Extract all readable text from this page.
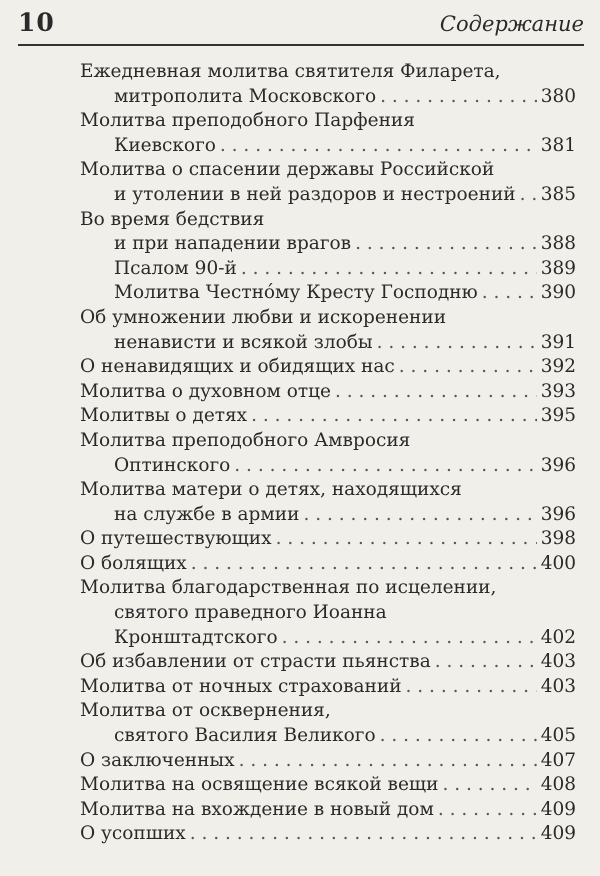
10	Содержание
Ежедневная молитва святителя Филарета,
митрополита Московского . . .	380
Молитва преподобного Парфения
Киевского . . .	381
Молитва о спасении державы Российской
и утолении в ней раздоров и нестроений . . . 385
Во время бедствия
и при нападении врагов . . .	388
Псалом 90-й . . .	389
Молитва Честно́му Кресту Господню . . .	390
Об умножении любви и искоренении
ненависти и всякой злобы . . .	391
О ненавидящих и обидящих нас . . .	392
Молитва о духовном отце . . .	393
Молитвы о детях . . .	395
Молитва преподобного Амвросия
Оптинского . . .	396
Молитва матери о детях, находящихся
на службе в армии . . .	396
О путешествующих . . .	398
О болящих . . .	400
Молитва благодарственная по исцелении,
святого праведного Иоанна
Кронштадтского . . .	402
Об избавлении от страсти пьянства . . .	403
Молитва от ночных страхований . . .	403
Молитва от осквернения,
святого Василия Великого . . .	405
О заключенных . . .	407
Молитва на освящение всякой вещи . . .	408
Молитва на вхождение в новый дом . . .	409
О усопших . . .	409
